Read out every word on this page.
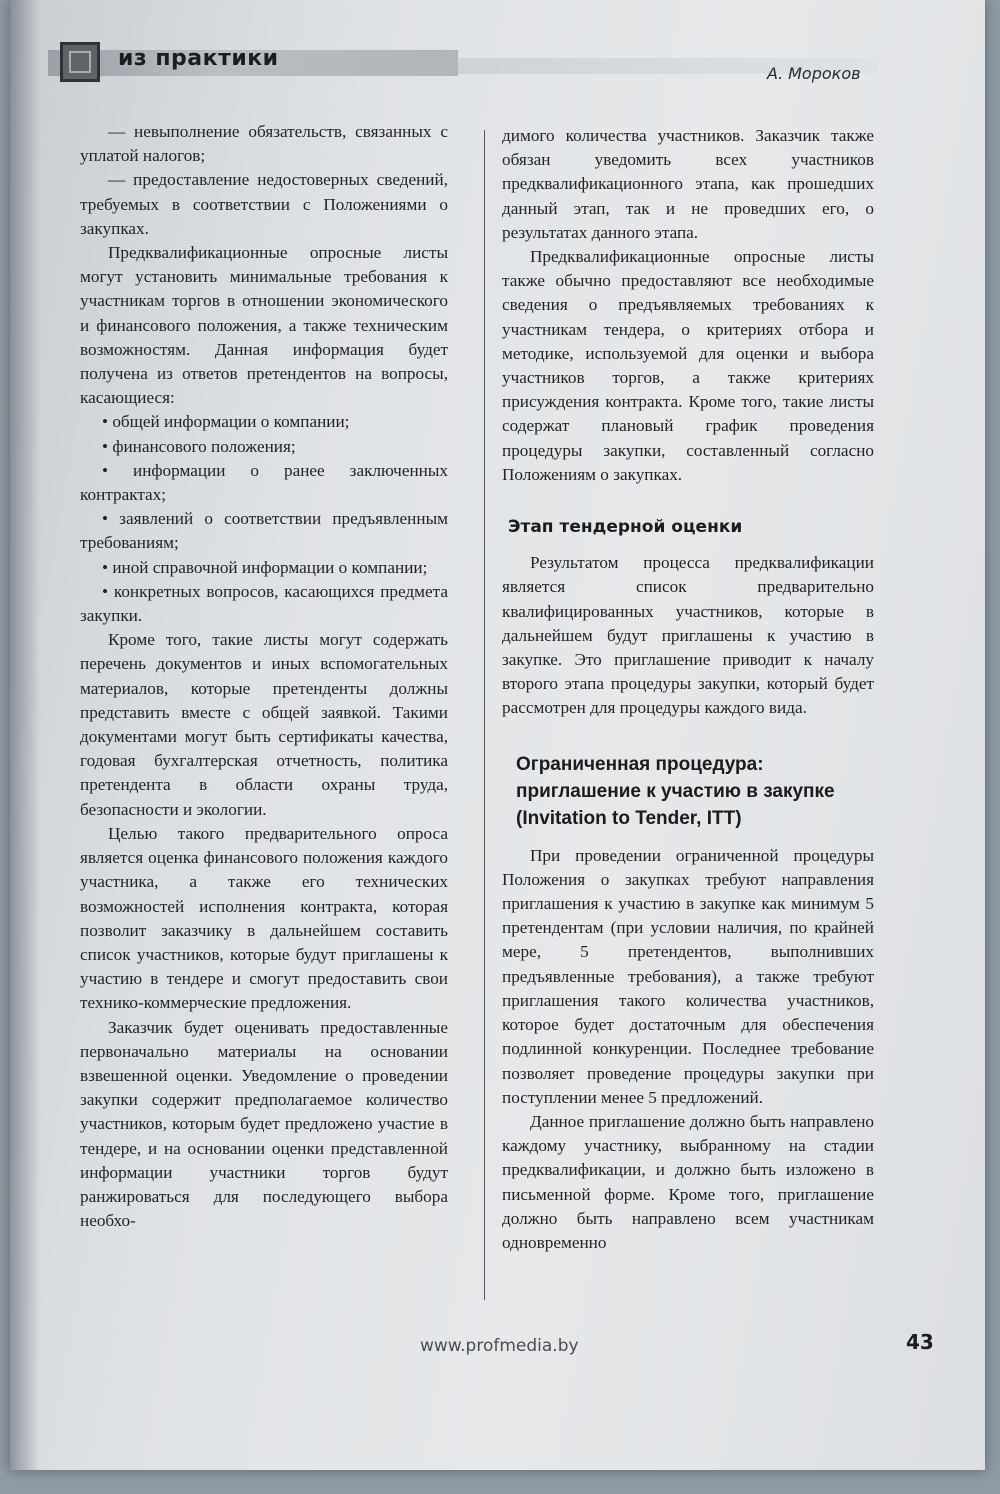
из практики
А. Мороков

— невыполнение обязательств, связанных с уплатой налогов;

— предоставление недостоверных сведений, требуемых в соответствии с Положениями о закупках.

Предквалификационные опросные листы могут установить минимальные требования к участникам торгов в отношении экономического и финансового положения, а также техническим возможностям. Данная информация будет получена из ответов претендентов на вопросы, касающиеся:

• общей информации о компании;

• финансового положения;

• информации о ранее заключенных контрактах;

• заявлений о соответствии предъявленным требованиям;

• иной справочной информации о компании;

• конкретных вопросов, касающихся предмета закупки.

Кроме того, такие листы могут содержать перечень документов и иных вспомогательных материалов, которые претенденты должны представить вместе с общей заявкой. Такими документами могут быть сертификаты качества, годовая бухгалтерская отчетность, политика претендента в области охраны труда, безопасности и экологии.

Целью такого предварительного опроса является оценка финансового положения каждого участника, а также его технических возможностей исполнения контракта, которая позволит заказчику в дальнейшем составить список участников, которые будут приглашены к участию в тендере и смогут предоставить свои технико-коммерческие предложения.

Заказчик будет оценивать предоставленные первоначально материалы на основании взвешенной оценки. Уведомление о проведении закупки содержит предполагаемое количество участников, которым будет предложено участие в тендере, и на основании оценки представленной информации участники торгов будут ранжироваться для последующего выбора необхо-

димого количества участников. Заказчик также обязан уведомить всех участников предквалификационного этапа, как прошедших данный этап, так и не проведших его, о результатах данного этапа.

Предквалификационные опросные листы также обычно предоставляют все необходимые сведения о предъявляемых требованиях к участникам тендера, о критериях отбора и методике, используемой для оценки и выбора участников торгов, а также критериях присуждения контракта. Кроме того, такие листы содержат плановый график проведения процедуры закупки, составленный согласно Положениям о закупках.

Этап тендерной оценки

Результатом процесса предквалификации является список предварительно квалифицированных участников, которые в дальнейшем будут приглашены к участию в закупке. Это приглашение приводит к началу второго этапа процедуры закупки, который будет рассмотрен для процедуры каждого вида.

Ограниченная процедура: приглашение к участию в закупке (Invitation to Tender, ITT)

При проведении ограниченной процедуры Положения о закупках требуют направления приглашения к участию в закупке как минимум 5 претендентам (при условии наличия, по крайней мере, 5 претендентов, выполнивших предъявленные требования), а также требуют приглашения такого количества участников, которое будет достаточным для обеспечения подлинной конкуренции. Последнее требование позволяет проведение процедуры закупки при поступлении менее 5 предложений.

Данное приглашение должно быть направлено каждому участнику, выбранному на стадии предквалификации, и должно быть изложено в письменной форме. Кроме того, приглашение должно быть направлено всем участникам одновременно

www.profmedia.by	43
